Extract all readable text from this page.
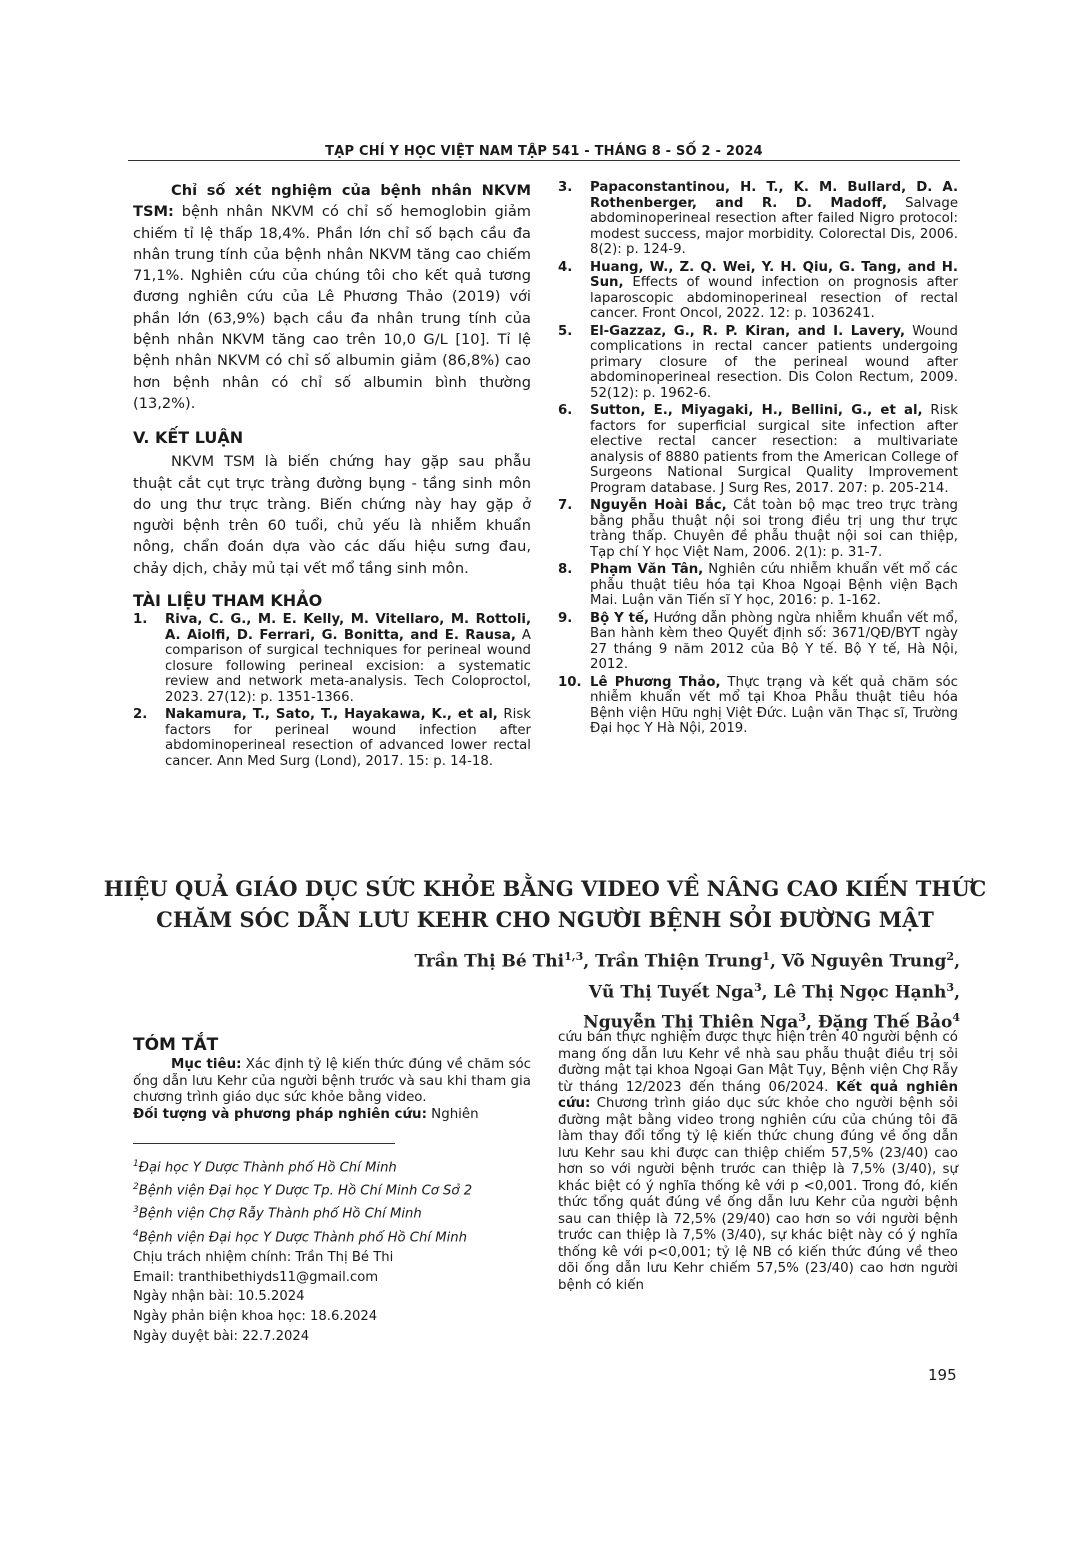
TẠP CHÍ Y HỌC VIỆT NAM TẬP 541 - THÁNG 8 - SỐ 2 - 2024

Chỉ số xét nghiệm của bệnh nhân NKVM TSM: bệnh nhân NKVM có chỉ số hemoglobin giảm chiếm tỉ lệ thấp 18,4%. Phần lớn chỉ số bạch cầu đa nhân trung tính của bệnh nhân NKVM tăng cao chiếm 71,1%. Nghiên cứu của chúng tôi cho kết quả tương đương nghiên cứu của Lê Phương Thảo (2019) với phần lớn (63,9%) bạch cầu đa nhân trung tính của bệnh nhân NKVM tăng cao trên 10,0 G/L [10]. Tỉ lệ bệnh nhân NKVM có chỉ số albumin giảm (86,8%) cao hơn bệnh nhân có chỉ số albumin bình thường (13,2%).

V. KẾT LUẬN

NKVM TSM là biến chứng hay gặp sau phẫu thuật cắt cụt trực tràng đường bụng - tầng sinh môn do ung thư trực tràng. Biến chứng này hay gặp ở người bệnh trên 60 tuổi, chủ yếu là nhiễm khuẩn nông, chẩn đoán dựa vào các dấu hiệu sưng đau, chảy dịch, chảy mủ tại vết mổ tầng sinh môn.

TÀI LIỆU THAM KHẢO
1.	Riva, C. G., M. E. Kelly, M. Vitellaro, M. Rottoli, A. Aiolfi, D. Ferrari, G. Bonitta, and E. Rausa, A comparison of surgical techniques for perineal wound closure following perineal excision: a systematic review and network meta-analysis. Tech Coloproctol, 2023. 27(12): p. 1351-1366.
2.	Nakamura, T., Sato, T., Hayakawa, K., et al, Risk factors for perineal wound infection after abdominoperineal resection of advanced lower rectal cancer. Ann Med Surg (Lond), 2017. 15: p. 14-18.
3.	Papaconstantinou, H. T., K. M. Bullard, D. A. Rothenberger, and R. D. Madoff, Salvage abdominoperineal resection after failed Nigro protocol: modest success, major morbidity. Colorectal Dis, 2006. 8(2): p. 124-9.
4.	Huang, W., Z. Q. Wei, Y. H. Qiu, G. Tang, and H. Sun, Effects of wound infection on prognosis after laparoscopic abdominoperineal resection of rectal cancer. Front Oncol, 2022. 12: p. 1036241.
5.	El-Gazzaz, G., R. P. Kiran, and I. Lavery, Wound complications in rectal cancer patients undergoing primary closure of the perineal wound after abdominoperineal resection. Dis Colon Rectum, 2009. 52(12): p. 1962-6.
6.	Sutton, E., Miyagaki, H., Bellini, G., et al, Risk factors for superficial surgical site infection after elective rectal cancer resection: a multivariate analysis of 8880 patients from the American College of Surgeons National Surgical Quality Improvement Program database. J Surg Res, 2017. 207: p. 205-214.
7.	Nguyễn Hoài Bắc, Cắt toàn bộ mạc treo trực tràng bằng phẫu thuật nội soi trong điều trị ung thư trực tràng thấp. Chuyên đề phẫu thuật nội soi can thiệp, Tạp chí Y học Việt Nam, 2006. 2(1): p. 31-7.
8.	Phạm Văn Tân, Nghiên cứu nhiễm khuẩn vết mổ các phẫu thuật tiêu hóa tại Khoa Ngoại Bệnh viện Bạch Mai. Luận văn Tiến sĩ Y học, 2016: p. 1-162.
9.	Bộ Y tế, Hướng dẫn phòng ngừa nhiễm khuẩn vết mổ, Ban hành kèm theo Quyết định số: 3671/QĐ/BYT ngày 27 tháng 9 năm 2012 của Bộ Y tế. Bộ Y tế, Hà Nội, 2012.
10. Lê Phương Thảo, Thực trạng và kết quả chăm sóc nhiễm khuẩn vết mổ tại Khoa Phẫu thuật tiêu hóa Bệnh viện Hữu nghị Việt Đức. Luận văn Thạc sĩ, Trường Đại học Y Hà Nội, 2019.
HIỆU QUẢ GIÁO DỤC SỨC KHỎE BẰNG VIDEO VỀ NÂNG CAO KIẾN THỨC
CHĂM SÓC DẪN LƯU KEHR CHO NGƯỜI BỆNH SỎI ĐƯỜNG MẬT
Trần Thị Bé Thi$^{1,3}$, Trần Thiện Trung$^1$, Võ Nguyên Trung$^2$,
Vũ Thị Tuyết Nga$^3$, Lê Thị Ngọc Hạnh$^3$,
Nguyễn Thị Thiên Nga$^3$, Đặng Thế Bảo$^4$
TÓM TẮT

Mục tiêu: Xác định tỷ lệ kiến thức đúng về chăm sóc ống dẫn lưu Kehr của người bệnh trước và sau khi tham gia chương trình giáo dục sức khỏe bằng video.

Đối tượng và phương pháp nghiên cứu: Nghiên

$^1$Đại học Y Dược Thành phố Hồ Chí Minh
$^2$Bệnh viện Đại học Y Dược Tp. Hồ Chí Minh Cơ Sở 2
$^3$Bệnh viện Chợ Rẫy Thành phố Hồ Chí Minh
$^4$Bệnh viện Đại học Y Dược Thành phố Hồ Chí Minh
Chịu trách nhiệm chính: Trần Thị Bé Thi
Email: tranthibethiyds11@gmail.com
Ngày nhận bài: 10.5.2024
Ngày phản biện khoa học: 18.6.2024
Ngày duyệt bài: 22.7.2024

cứu bán thực nghiệm được thực hiện trên 40 người bệnh có mang ống dẫn lưu Kehr về nhà sau phẫu thuật điều trị sỏi đường mật tại khoa Ngoại Gan Mật Tụy, Bệnh viện Chợ Rẫy từ tháng 12/2023 đến tháng 06/2024. Kết quả nghiên cứu: Chương trình giáo dục sức khỏe cho người bệnh sỏi đường mật bằng video trong nghiên cứu của chúng tôi đã làm thay đổi tổng tỷ lệ kiến thức chung đúng về ống dẫn lưu Kehr sau khi được can thiệp chiếm 57,5% (23/40) cao hơn so với người bệnh trước can thiệp là 7,5% (3/40), sự khác biệt có ý nghĩa thống kê với p <0,001. Trong đó, kiến thức tổng quát đúng về ống dẫn lưu Kehr của người bệnh sau can thiệp là 72,5% (29/40) cao hơn so với người bệnh trước can thiệp là 7,5% (3/40), sự khác biệt này có ý nghĩa thống kê với p<0,001; tỷ lệ NB có kiến thức đúng về theo dõi ống dẫn lưu Kehr chiếm 57,5% (23/40) cao hơn người bệnh có kiến

195
